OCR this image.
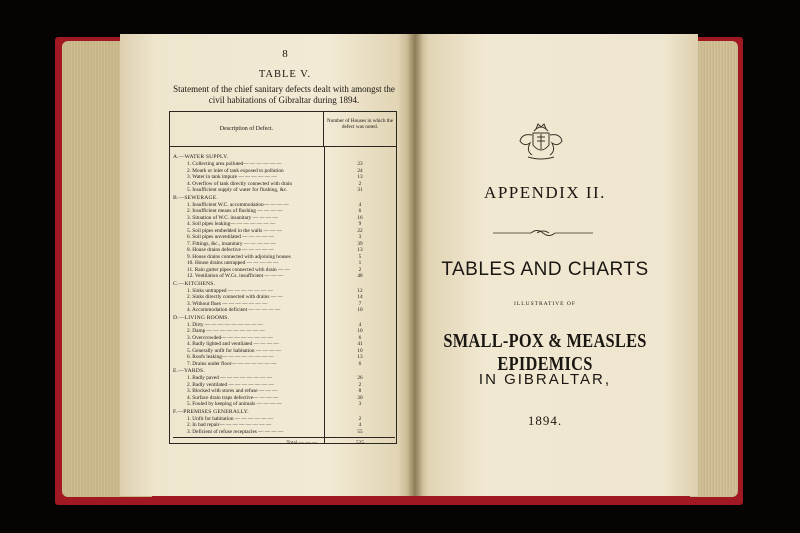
8
TABLE V.
Statement of the chief sanitary defects dealt with amongst the civil habitations of Gibraltar during 1894.
Description of Defect.
Number of Houses in which the defect was noted.
A.—WATER SUPPLY.
1. Collecting area polluted— — — — — —	23
2. Mouth or inlet of tank exposed to pollution	24
3. Water in tank impure — — — — — —	13
4. Overflow of tank directly connected with drain	2
5. Insufficient supply of water for flushing, &c.	31
B.—SEWERAGE.
1. Insufficient W.C. accommodation— — — —	4
2. Insufficient means of flushing — — — —	6
3. Situation of W.C. insanitary — — — —	16
4. Soil pipes leaking— — — — — — —	9
5. Soil pipes embedded in the walls — — —	22
6. Soil pipes unventilated — — — — —	3
7. Fittings, &c., insanitary — — — — —	39
8. House drains defective — — — — —	13
9. House drains connected with adjoining houses	5
10. House drains untrapped — — — — —	1
11. Rain gutter pipes connected with drain — —	2
12. Ventilation of W.Cs. insufficient — — —	48
C.—KITCHENS.
1. Sinks untrapped — — — — — — —	12
2. Sinks directly connected with drains — —	14
3. Without flues — — — — — — —	7
4. Accommodation deficient — — — — —	10
D.—LIVING ROOMS.
1. Dirty — — — — — — — — —	4
2. Damp — — — — — — — — —	10
3. Overcrowded— — — — — — — —	6
4. Badly lighted and ventilated — — — —	41
5. Generally unfit for habitation — — — —	10
6. Roofs leaking— — — — — — — —	13
7. Drains under floor— — — — — — —	6
E.—YARDS.
1. Badly paved — — — — — — — —	26
2. Badly ventilated — — — — — — —	2
3. Blocked with stores and refuse — — —	8
4. Surface drain traps defective— — — —	30
5. Fouled by keeping of animals — — — —	3
F.—PREMISES GENERALLY.
1. Unfit for habitation — — — — — —	2
2. In bad repair— — — — — — — —	4
3. Deficient of refuse receptacles — — — —	55
Total — — —	525
APPENDIX II.
TABLES AND CHARTS
ILLUSTRATIVE OF
SMALL-POX & MEASLES EPIDEMICS
IN GIBRALTAR,
1894.
